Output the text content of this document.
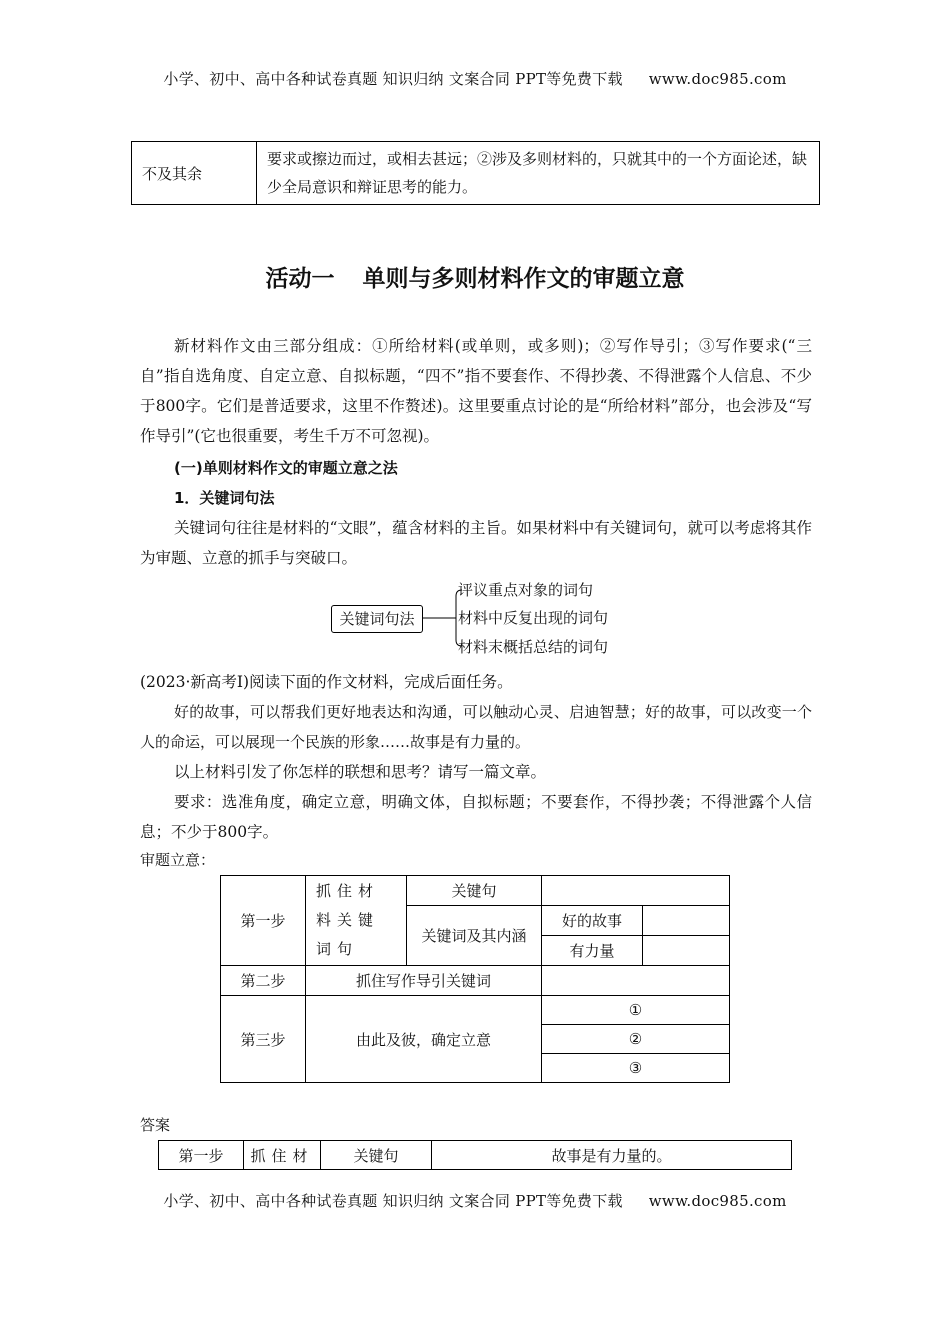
小学、初中、高中各种试卷真题 知识归纳 文案合同 PPT等免费下载 www.doc985.com
不及其余	要求或擦边而过，或相去甚远；②涉及多则材料的，只就其中的一个方面论述，缺少全局意识和辩证思考的能力。
活动一 单则与多则材料作文的审题立意
新材料作文由三部分组成：①所给材料(或单则，或多则)；②写作导引；③写作要求(“三自”指自选角度、自定立意、自拟标题，“四不”指不要套作、不得抄袭、不得泄露个人信息、不少于800字。它们是普适要求，这里不作赘述)。这里要重点讨论的是“所给材料”部分，也会涉及“写作导引”(它也很重要，考生千万不可忽视)。
(一)单则材料作文的审题立意之法
1．关键词句法
关键词句往往是材料的“文眼”，蕴含材料的主旨。如果材料中有关键词句，就可以考虑将其作为审题、立意的抓手与突破口。
关键词句法
评议重点对象的词句
材料中反复出现的词句
材料末概括总结的词句
(2023·新高考Ⅰ)阅读下面的作文材料，完成后面任务。
好的故事，可以帮我们更好地表达和沟通，可以触动心灵、启迪智慧；好的故事，可以改变一个人的命运，可以展现一个民族的形象……故事是有力量的。
以上材料引发了你怎样的联想和思考？请写一篇文章。
要求：选准角度，确定立意，明确文体，自拟标题；不要套作，不得抄袭；不得泄露个人信息；不少于800字。
审题立意：
第一步	抓住材料关键词句	关键句		
		关键词及其内涵	好的故事	
			有力量	
第二步	抓住写作导引关键词			
第三步	由此及彼，确定立意		①	
			②	
			③	
答案
第一步	抓住材	关键句	故事是有力量的。
小学、初中、高中各种试卷真题 知识归纳 文案合同 PPT等免费下载 www.doc985.com
